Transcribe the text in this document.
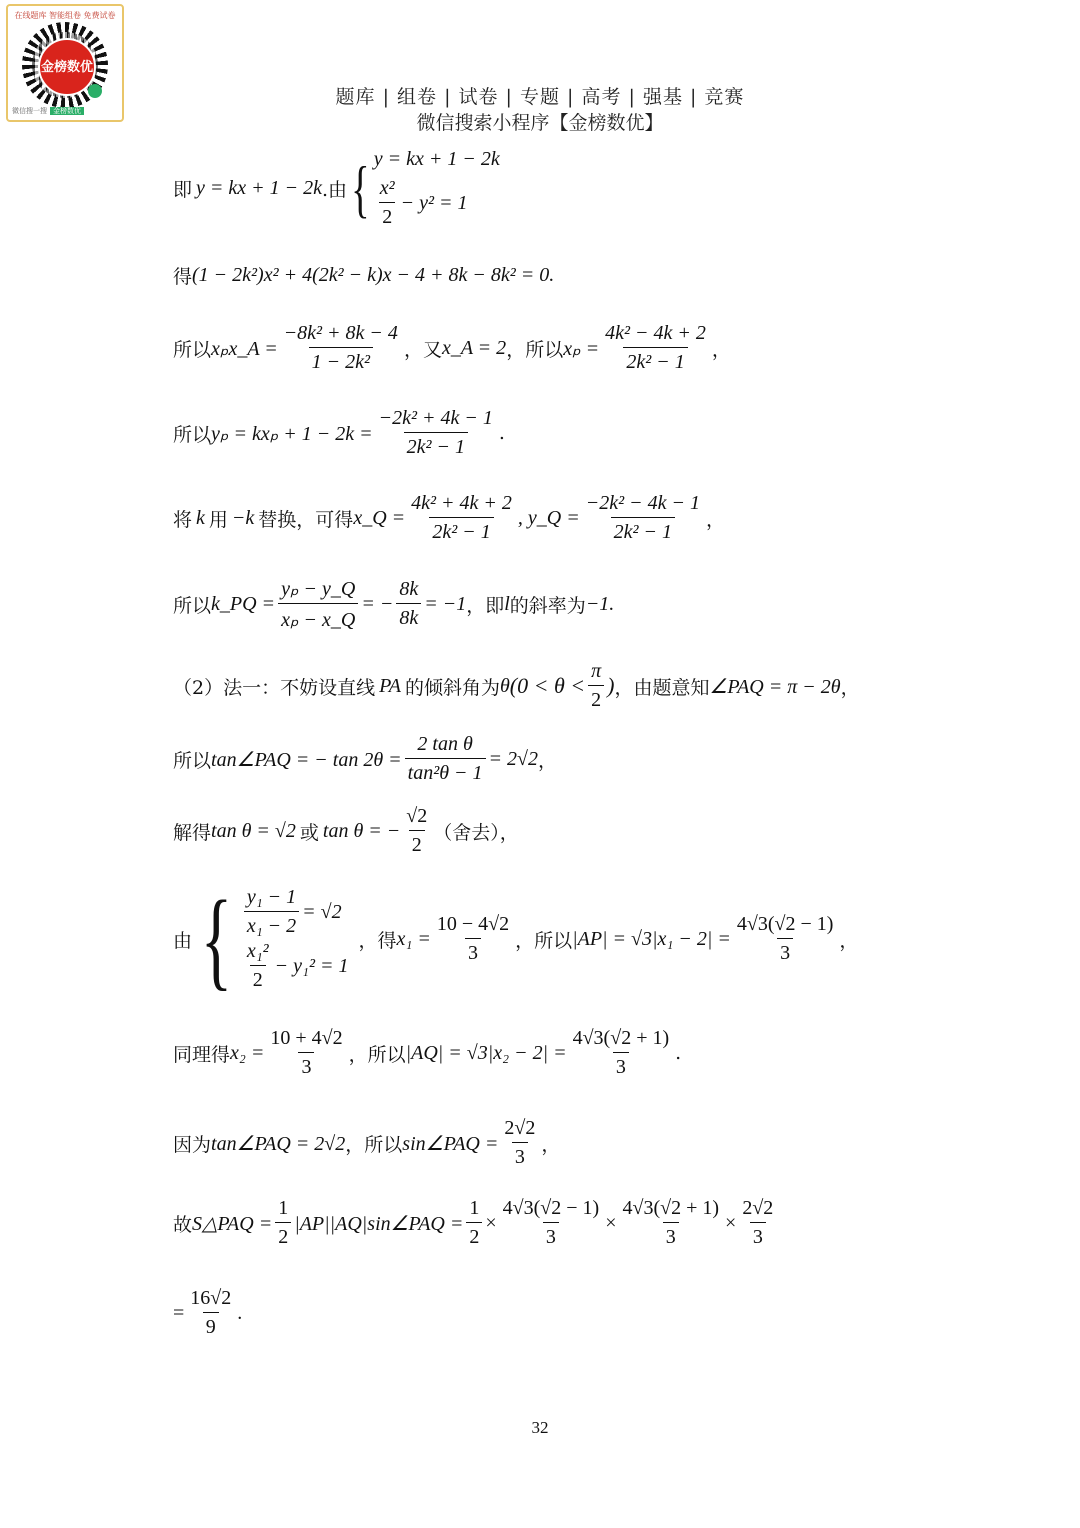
在线题库 智能组卷 免费试卷
金榜数优
微信搜一搜 金榜数优
题库 | 组卷 | 试卷 | 专题 | 高考 | 强基 | 竞赛
微信搜索小程序【金榜数优】
即 y = kx + 1 − 2k .由 { y = kx + 1 − 2k
$\frac{\text{x²}}{2} - y^2 = 1$
得 (1 − 2k²)x² + 4(2k² − k)x − 4 + 8k − 8k² = 0.
所以 xₚx_A = $\frac{\text{−8k² + 8k − 4}}{\text{1 − 2k²}}$ ，又 x_A = 2 ，所以 $x_p = \frac{\text{4k² − 4k + 2}}{\text{2k² − 1}}$ ，
所以 $y_p = kx_p + 1 - 2k = \frac{\text{−2k² + 4k − 1}}{\text{2k² − 1}}$ .
将 k 用 −k 替换，可得 x_Q = $\frac{\text{4k² + 4k + 2}}{\text{2k² − 1}}$ , y_Q = $\frac{\text{−2k² − 4k − 1}}{\text{2k² − 1}}$ ，
所以 k_PQ = $\frac{\text{yₚ − y\_Q}}{\text{xₚ − x\_Q}}$ = − $\frac{8k}{8k} = -1$ ，即 l 的斜率为 −1.
（2）法一：不妨设直线 PA 的倾斜角为 θ ($0 < \theta < \frac{\pi}{2}$ ) ，由题意知 ∠PAQ = π − 2θ ，
所以 tan∠PAQ = − $\tan 2\theta = \frac{\text{2 tan θ}}{\text{tan²θ − 1}} = 2√2$ ，
解得 tan θ = √2 或 tan θ = − $\frac{√2}{2}$ （舍去），
由 { $\frac{\text{y₁ − 1}}{\text{x₁ − 2}} = √2$
$\frac{\text{x₁²}}{2} - y_1^2 = 1$
，得 $x_1 = \frac{10 - 4√2}{3}$ ，所以 $|AP| = √3|x_1 - 2| = \frac{4√3(√2 - 1)}{3}$ ，
同理得 $x_2 = \frac{10 + 4√2}{3}$ ，所以 $|AQ| = √3|x_2 - 2| = \frac{4√3(√2 + 1)}{3}$ .
因为 tan∠PAQ = 2√2 ，所以 sin∠PAQ = $\frac{2√2}{3}$ ，
故 S△PAQ = $\frac{1}{2}$ |AP||AQ|sin∠PAQ = $\frac{1}{2} \times \frac{4√3(√2 - 1)}{3} \times \frac{4√3(√2 + 1)}{3} \times \frac{2√2}{3}$
= $\frac{16√2}{9}$ .
32
